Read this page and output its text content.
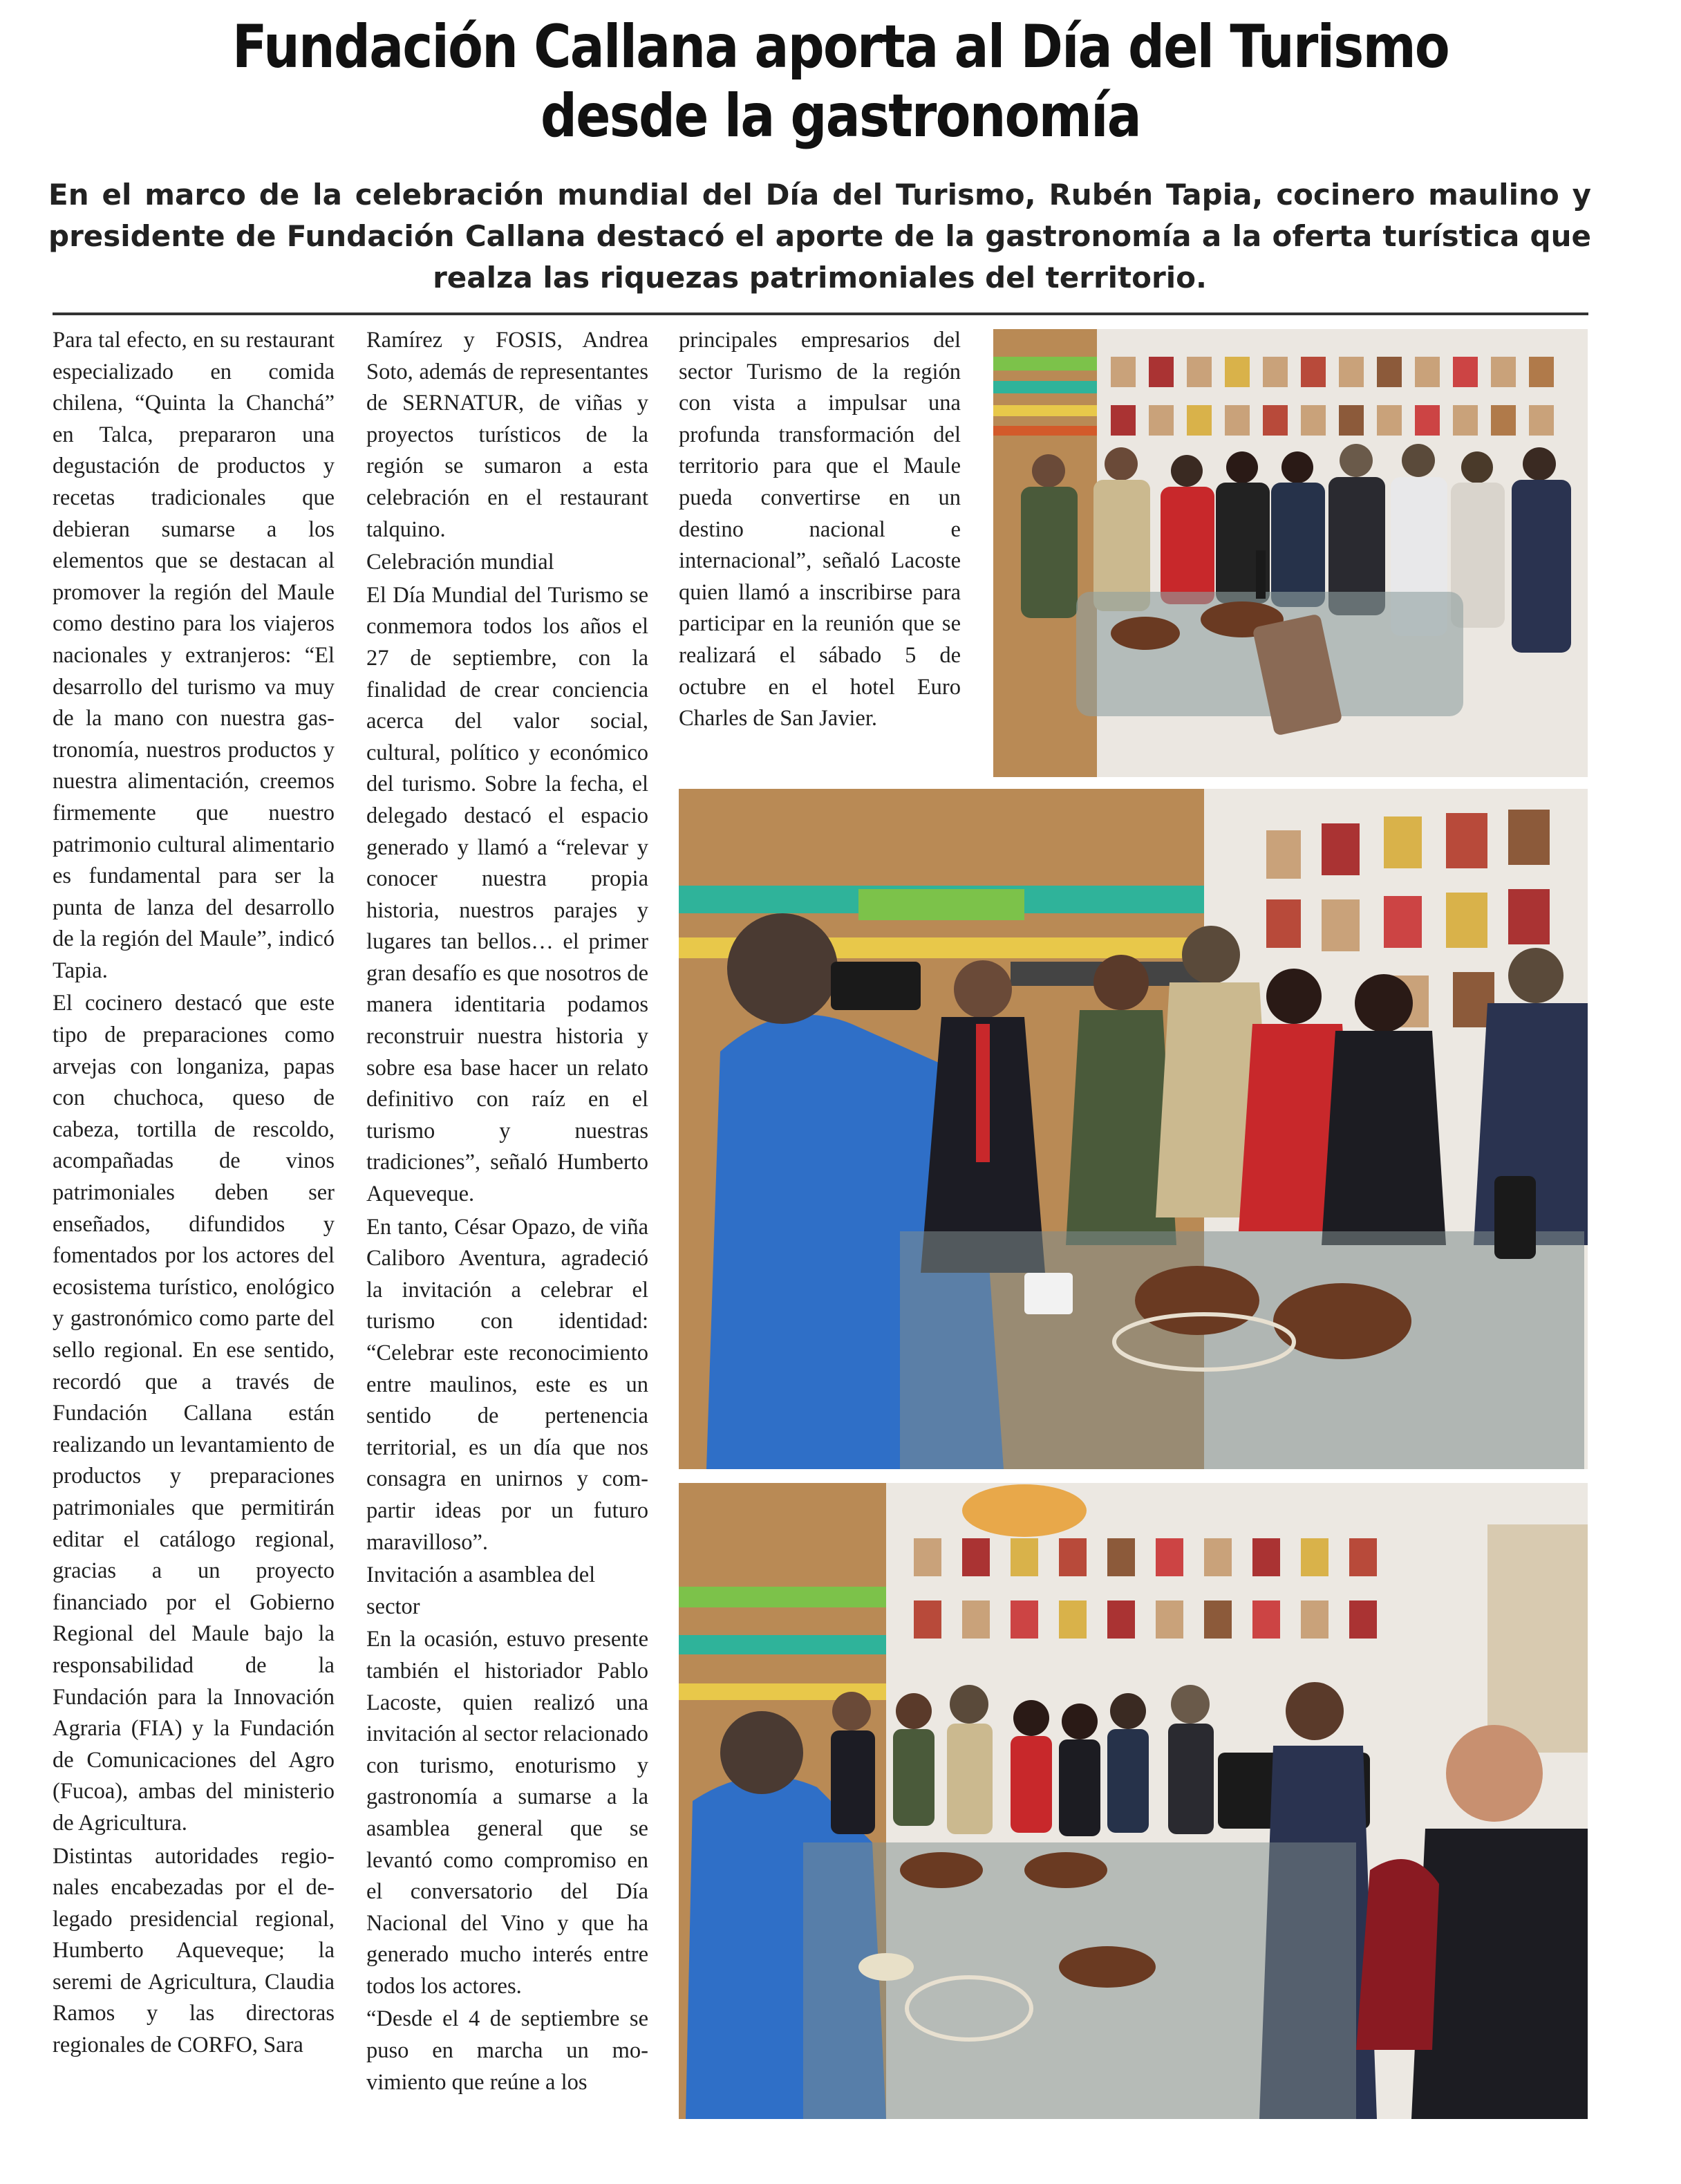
Fundación Callana aporta al Día del Turismo desde la gastronomía

En el marco de la celebración mundial del Día del Turismo, Rubén Tapia, cocinero maulino y presidente de Fundación Callana destacó el aporte de la gastronomía a la oferta turística que realza las riquezas patrimoniales del territorio.

Para tal efecto, en su restaurant especializado en comida chilena, “Quinta la Chanchá” en Talca, prepararon una degustación de productos y recetas tradicionales que debieran sumarse a los elementos que se destacan al promover la región del Maule como destino para los viajeros nacionales y extranjeros: “El desarrollo del turismo va muy de la mano con nuestra gastronomía, nuestros productos y nuestra alimentación, creemos firmemente que nuestro patrimonio cultural alimentario es fundamental para ser la punta de lanza del desarrollo de la región del Maule”, indicó Tapia.

El cocinero destacó que este tipo de preparaciones como arvejas con longaniza, papas con chuchoca, queso de cabeza, tortilla de rescoldo, acompañadas de vinos patrimoniales deben ser enseñados, difundidos y fomentados por los actores del ecosistema turístico, enológico y gastronómico como parte del sello regional. En ese sentido, recordó que a través de Fundación Callana están realizando un levantamiento de productos y preparaciones patrimoniales que permitirán editar el catálogo regional, gracias a un proyecto financiado por el Gobierno Regional del Maule bajo la responsabilidad de la Fundación para la Innovación Agraria (FIA) y la Fundación de Comunicaciones del Agro (Fucoa), ambas del ministerio de Agricultura.

Distintas autoridades regionales encabezadas por el delegado presidencial regional, Humberto Aqueveque; la seremi de Agricultura, Claudia Ramos y las directoras regionales de CORFO, Sara

Ramírez y FOSIS, Andrea Soto, además de representantes de SERNATUR, de viñas y proyectos turísticos de la región se sumaron a esta celebración en el restaurant talquino.

Celebración mundial

El Día Mundial del Turismo se conmemora todos los años el 27 de septiembre, con la finalidad de crear conciencia acerca del valor social, cultural, político y económico del turismo. Sobre la fecha, el delegado destacó el espacio generado y llamó a “relevar y conocer nuestra propia historia, nuestros parajes y lugares tan bellos… el primer gran desafío es que nosotros de manera identitaria podamos reconstruir nuestra historia y sobre esa base hacer un relato definitivo con raíz en el turismo y nuestras tradiciones”, señaló Humberto Aqueveque.

En tanto, César Opazo, de viña Caliboro Aventura, agradeció la invitación a celebrar el turismo con identidad: “Celebrar este reconocimiento entre maulinos, este es un sentido de pertenencia territorial, es un día que nos consagra en unirnos y compartir ideas por un futuro maravilloso”.

Invitación a asamblea del sector

En la ocasión, estuvo presente también el historiador Pablo Lacoste, quien realizó una invitación al sector relacionado con turismo, enoturismo y gastronomía a sumarse a la asamblea general que se levantó como compromiso en el conversatorio del Día Nacional del Vino y que ha generado mucho interés entre todos los actores.

“Desde el 4 de septiembre se puso en marcha un movimiento que reúne a los

principales empresarios del sector Turismo de la región con vista a impulsar una profunda transformación del territorio para que el Maule pueda convertirse en un destino nacional e internacional”, señaló Lacoste quien llamó a inscribirse para participar en la reunión que se realizará el sábado 5 de octubre en el hotel Euro Charles de San Javier.
